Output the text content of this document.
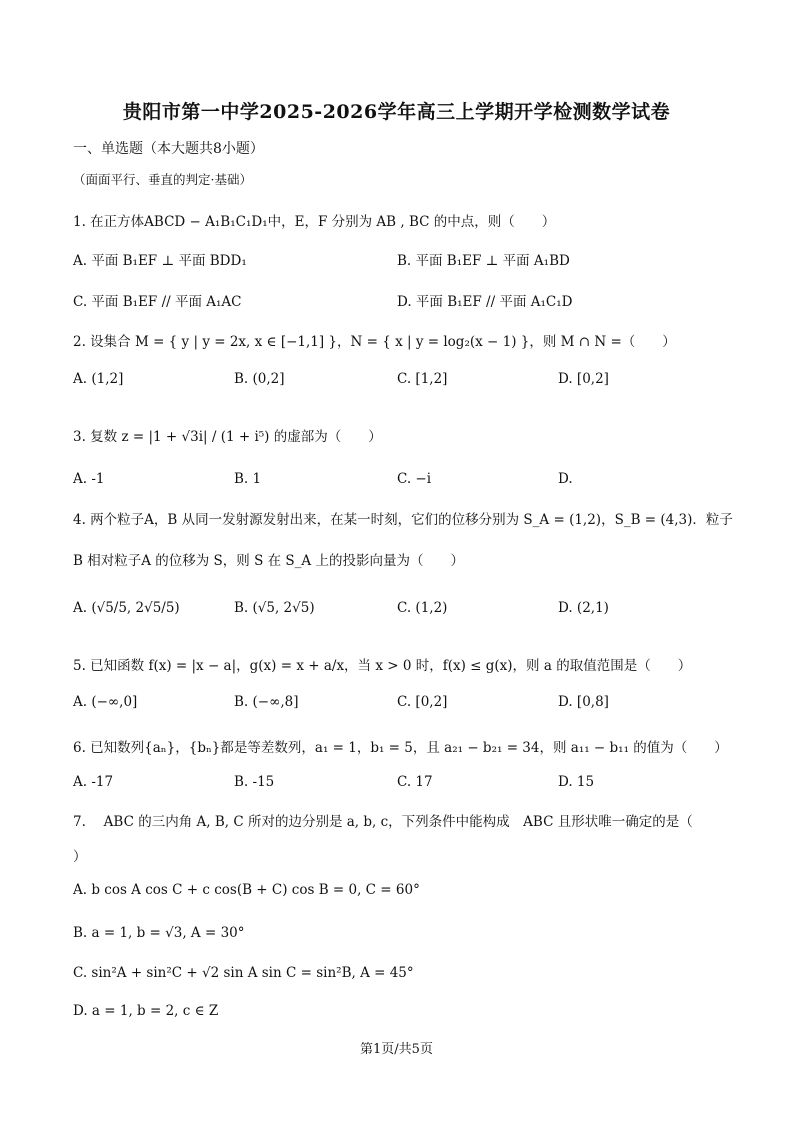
贵阳市第一中学2025-2026学年高三上学期开学检测数学试卷
一、单选题（本大题共8小题）
（面面平行、垂直的判定·基础）
1. 在正方体ABCD − A₁B₁C₁D₁中，E，F 分别为 AB , BC 的中点，则（　　）
A. 平面 B₁EF ⊥ 平面 BDD₁	B. 平面 B₁EF ⊥ 平面 A₁BD
C. 平面 B₁EF // 平面 A₁AC	D. 平面 B₁EF // 平面 A₁C₁D
2. 设集合 M = { y | y = 2x, x ∈ [−1,1] }，N = { x | y = log₂(x − 1) }，则 M ∩ N =（　　）
A. (1,2]	B. (0,2]	C. [1,2]	D. [0,2]
3. 复数 z = |1 + √3i| / (1 + i⁵) 的虚部为（　　）
A. -1	B. 1	C. −i	D.
4. 两个粒子A，B 从同一发射源发射出来，在某一时刻，它们的位移分别为 S_A = (1,2)，S_B = (4,3)．粒子
B 相对粒子A 的位移为 S，则 S 在 S_A 上的投影向量为（　　）
A. (√5/5, 2√5/5)	B. (√5, 2√5)	C. (1,2)	D. (2,1)
5. 已知函数 f(x) = |x − a|，g(x) = x + a/x，当 x > 0 时，f(x) ≤ g(x)，则 a 的取值范围是（　　）
A. (−∞,0]	B. (−∞,8]	C. [0,2]	D. [0,8]
6. 已知数列{aₙ}，{bₙ}都是等差数列，a₁ = 1，b₁ = 5，且 a₂₁ − b₂₁ = 34，则 a₁₁ − b₁₁ 的值为（　　）
A. -17	B. -15	C. 17	D. 15
7.　 ABC 的三内角 A, B, C 所对的边分别是 a, b, c，下列条件中能构成　ABC 且形状唯一确定的是（
）
A. b cos A cos C + c cos(B + C) cos B = 0, C = 60°
B. a = 1, b = √3, A = 30°
C. sin²A + sin²C + √2 sin A sin C = sin²B, A = 45°
D. a = 1, b = 2, c ∈ Z
第1页/共5页
